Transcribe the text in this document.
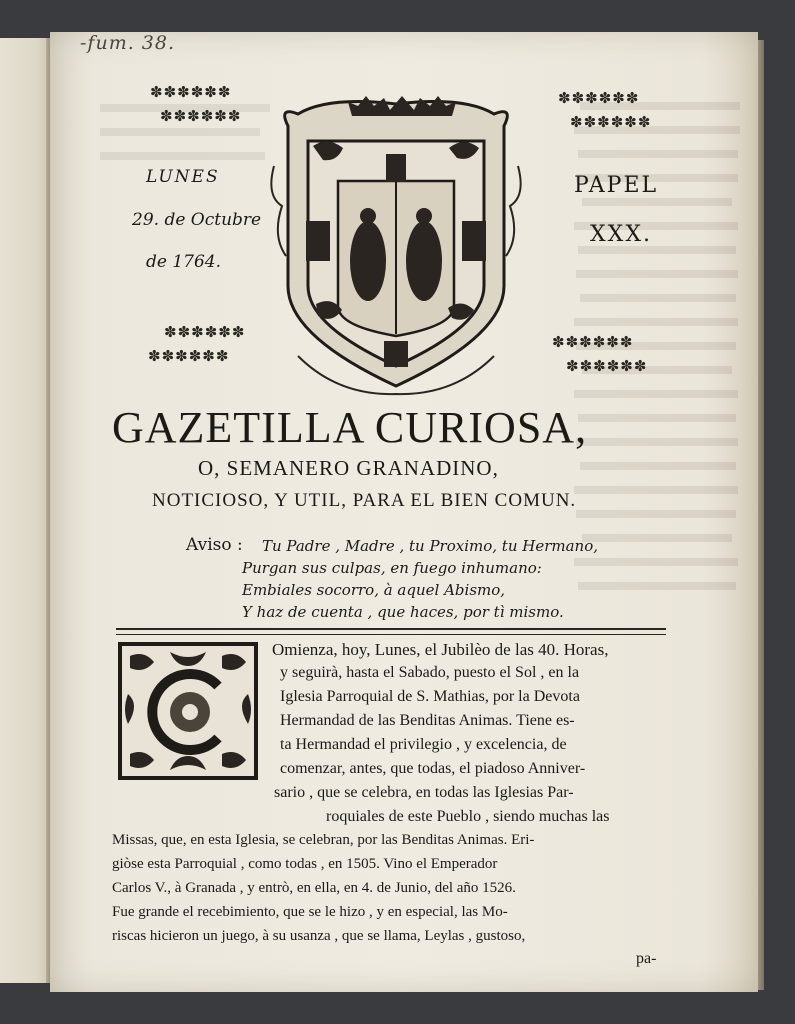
-fum. 38.
✽✽✽✽✽✽
✽✽✽✽✽✽
✽✽✽✽✽✽
✽✽✽✽✽✽
✽✽✽✽✽✽
✽✽✽✽✽✽
✽✽✽✽✽✽
✽✽✽✽✽✽
LUNES
29. de Octubre
de 1764.
PAPEL
XXX.
GAZETILLA CURIOSA,
O, SEMANERO GRANADINO,
NOTICIOSO, Y UTIL, PARA EL BIEN COMUN.
Aviso : Tu Padre , Madre , tu Proximo, tu Hermano,
Purgan sus culpas, en fuego inhumano:
Embiales socorro, à aquel Abismo,
Y haz de cuenta , que haces, por tì mismo.
Omienza, hoy, Lunes, el Jubilèo de las 40. Horas,
y seguirà, hasta el Sabado, puesto el Sol , en la
Iglesia Parroquial de S. Mathias, por la Devota
Hermandad de las Benditas Animas. Tiene es-
ta Hermandad el privilegio , y excelencia, de
comenzar, antes, que todas, el piadoso Anniver-
sario , que se celebra, en todas las Iglesias Par-
roquiales de este Pueblo , siendo muchas las
Missas, que, en esta Iglesia, se celebran, por las Benditas Animas. Eri-
giòse esta Parroquial , como todas , en 1505. Vino el Emperador
Carlos V., à Granada , y entrò, en ella, en 4. de Junio, del año 1526.
Fue grande el recebimiento, que se le hizo , y en especial, las Mo-
riscas hicieron un juego, à su usanza , que se llama, Leylas , gustoso,
pa-
